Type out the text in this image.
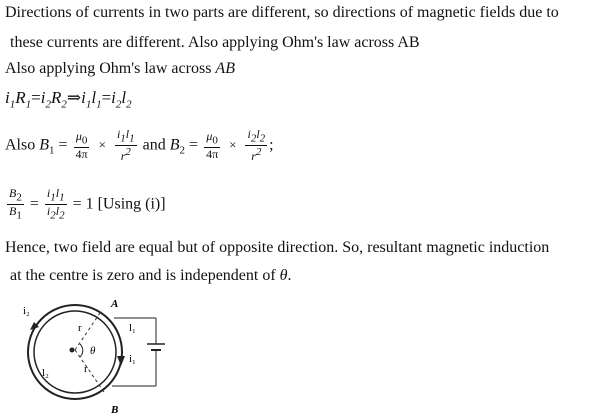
Directions of currents in two parts are different, so directions of magnetic fields due to
these currents are different. Also applying Ohm's law across AB
Also applying Ohm's law across AB
$i_1R_1=i_2R_2\Rightarrow i_1l_1=i_2l_2$
Also $B_1 = \frac{\mu_0}{4\pi} \times \frac{i_1l_1}{r^2}$ and $B_2 = \frac{\mu_0}{4\pi} \times \frac{i_2l_2}{r^2}$ ;
$\frac{B_2}{B_1} = \frac{i_1l_1}{i_2l_2} = 1$ [Using (i)]
Hence, two field are equal but of opposite direction. So, resultant magnetic induction
at the centre is zero and is independent of θ.
i₂
A
r
θ
l₁
i₁
l₂	r
B
